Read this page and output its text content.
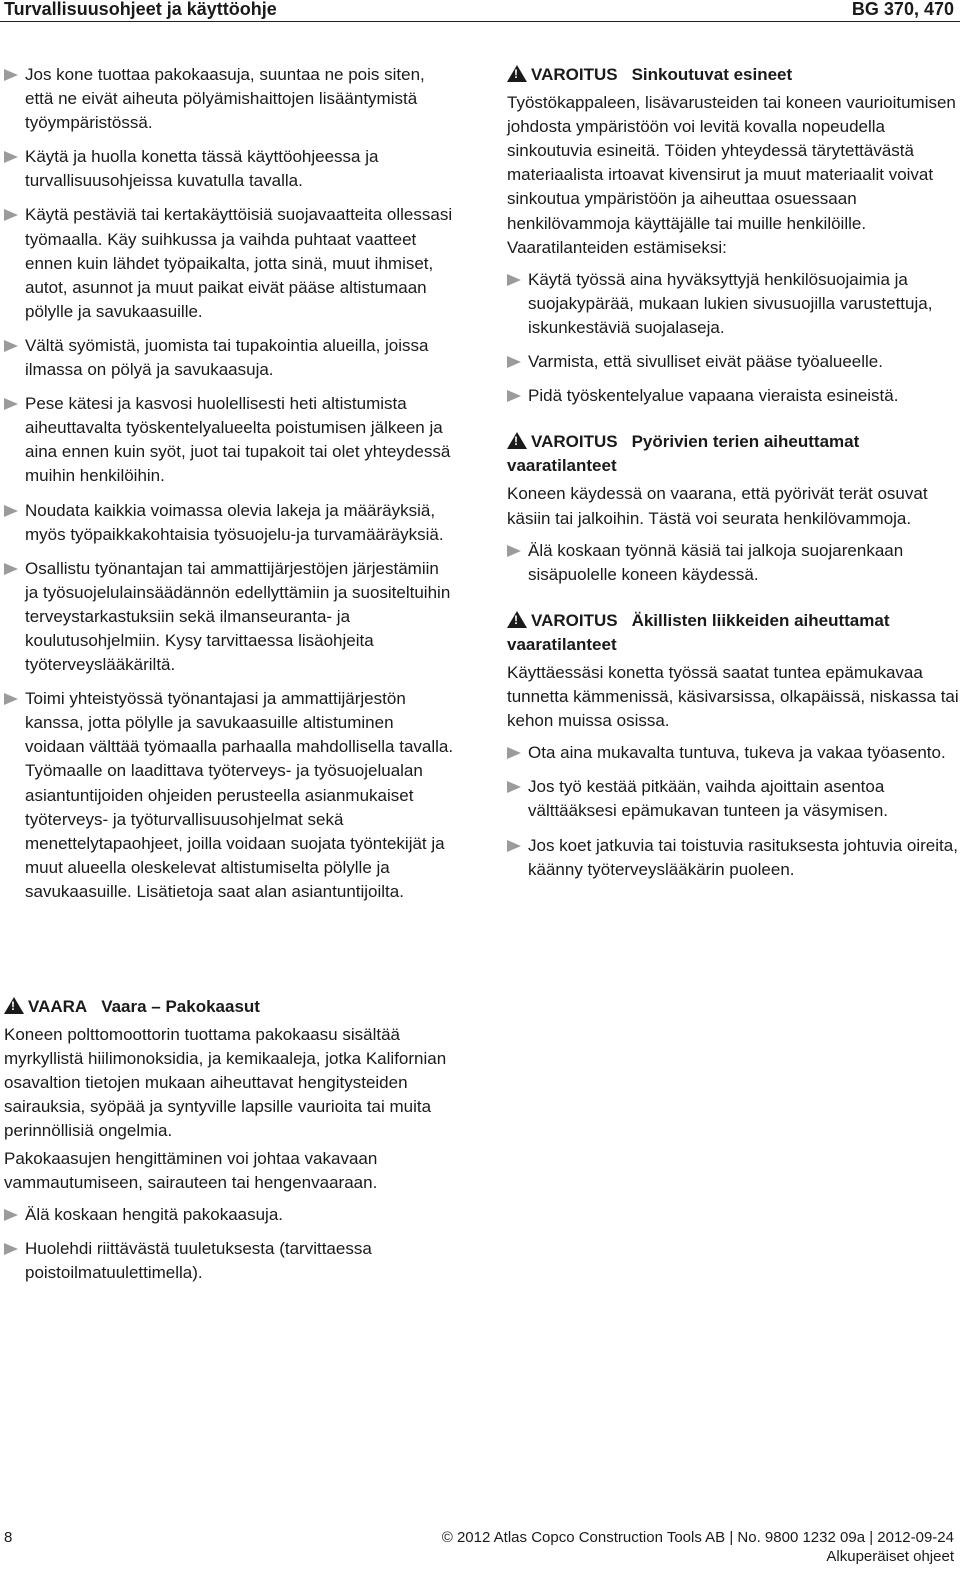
Turvallisuusohjeet ja käyttöohje	BG 370, 470
Jos kone tuottaa pakokaasuja, suuntaa ne pois siten, että ne eivät aiheuta pölyämishaittojen lisääntymistä työympäristössä.
Käytä ja huolla konetta tässä käyttöohjeessa ja turvallisuusohjeissa kuvatulla tavalla.
Käytä pestäviä tai kertakäyttöisiä suojavaatteita ollessasi työmaalla. Käy suihkussa ja vaihda puhtaat vaatteet ennen kuin lähdet työpaikalta, jotta sinä, muut ihmiset, autot, asunnot ja muut paikat eivät pääse altistumaan pölylle ja savukaasuille.
Vältä syömistä, juomista tai tupakointia alueilla, joissa ilmassa on pölyä ja savukaasuja.
Pese kätesi ja kasvosi huolellisesti heti altistumista aiheuttavalta työskentelyalueelta poistumisen jälkeen ja aina ennen kuin syöt, juot tai tupakoit tai olet yhteydessä muihin henkilöihin.
Noudata kaikkia voimassa olevia lakeja ja määräyksiä, myös työpaikkakohtaisia työsuojelu-ja turvamääräyksiä.
Osallistu työnantajan tai ammattijärjestöjen järjestämiin ja työsuojelulainsäädännön edellyttämiin ja suositeltuihin terveystarkastuksiin sekä ilmanseuranta- ja koulutusohjelmiin. Kysy tarvittaessa lisäohjeita työterveyslääkäriltä.
Toimi yhteistyössä työnantajasi ja ammattijärjestön kanssa, jotta pölylle ja savukaasuille altistuminen voidaan välttää työmaalla parhaalla mahdollisella tavalla. Työmaalle on laadittava työterveys- ja työsuojelualan asiantuntijoiden ohjeiden perusteella asianmukaiset työterveys- ja työturvallisuusohjelmat sekä menettelytapaohjeet, joilla voidaan suojata työntekijät ja muut alueella oleskelevat altistumiselta pölylle ja savukaasuille. Lisätietoja saat alan asiantuntijoilta.
!VAARA Vaara – Pakokaasut

Koneen polttomoottorin tuottama pakokaasu sisältää myrkyllistä hiilimonoksidia, ja kemikaaleja, jotka Kalifornian osavaltion tietojen mukaan aiheuttavat hengitysteiden sairauksia, syöpää ja syntyville lapsille vaurioita tai muita perinnöllisiä ongelmia.

Pakokaasujen hengittäminen voi johtaa vakavaan vammautumiseen, sairauteen tai hengenvaaraan.

Älä koskaan hengitä pakokaasuja.
Huolehdi riittävästä tuuletuksesta (tarvittaessa poistoilmatuulettimella).
!VAROITUS Sinkoutuvat esineet

Työstökappaleen, lisävarusteiden tai koneen vaurioitumisen johdosta ympäristöön voi levitä kovalla nopeudella sinkoutuvia esineitä. Töiden yhteydessä tärytettävästä materiaalista irtoavat kivensirut ja muut materiaalit voivat sinkoutua ympäristöön ja aiheuttaa osuessaan henkilövammoja käyttäjälle tai muille henkilöille. Vaaratilanteiden estämiseksi:

Käytä työssä aina hyväksyttyjä henkilösuojaimia ja suojakypärää, mukaan lukien sivusuojilla varustettuja, iskunkestäviä suojalaseja.
Varmista, että sivulliset eivät pääse työalueelle.
Pidä työskentelyalue vapaana vieraista esineistä.
!VAROITUS Pyörivien terien aiheuttamat vaaratilanteet

Koneen käydessä on vaarana, että pyörivät terät osuvat käsiin tai jalkoihin. Tästä voi seurata henkilövammoja.

Älä koskaan työnnä käsiä tai jalkoja suojarenkaan sisäpuolelle koneen käydessä.
!VAROITUS Äkillisten liikkeiden aiheuttamat vaaratilanteet

Käyttäessäsi konetta työssä saatat tuntea epämukavaa tunnetta kämmenissä, käsivarsissa, olkapäissä, niskassa tai kehon muissa osissa.

Ota aina mukavalta tuntuva, tukeva ja vakaa työasento.
Jos työ kestää pitkään, vaihda ajoittain asentoa välttääksesi epämukavan tunteen ja väsymisen.
Jos koet jatkuvia tai toistuvia rasituksesta johtuvia oireita, käänny työterveyslääkärin puoleen.
8	© 2012 Atlas Copco Construction Tools AB | No. 9800 1232 09a | 2012-09-24
Alkuperäiset ohjeet
